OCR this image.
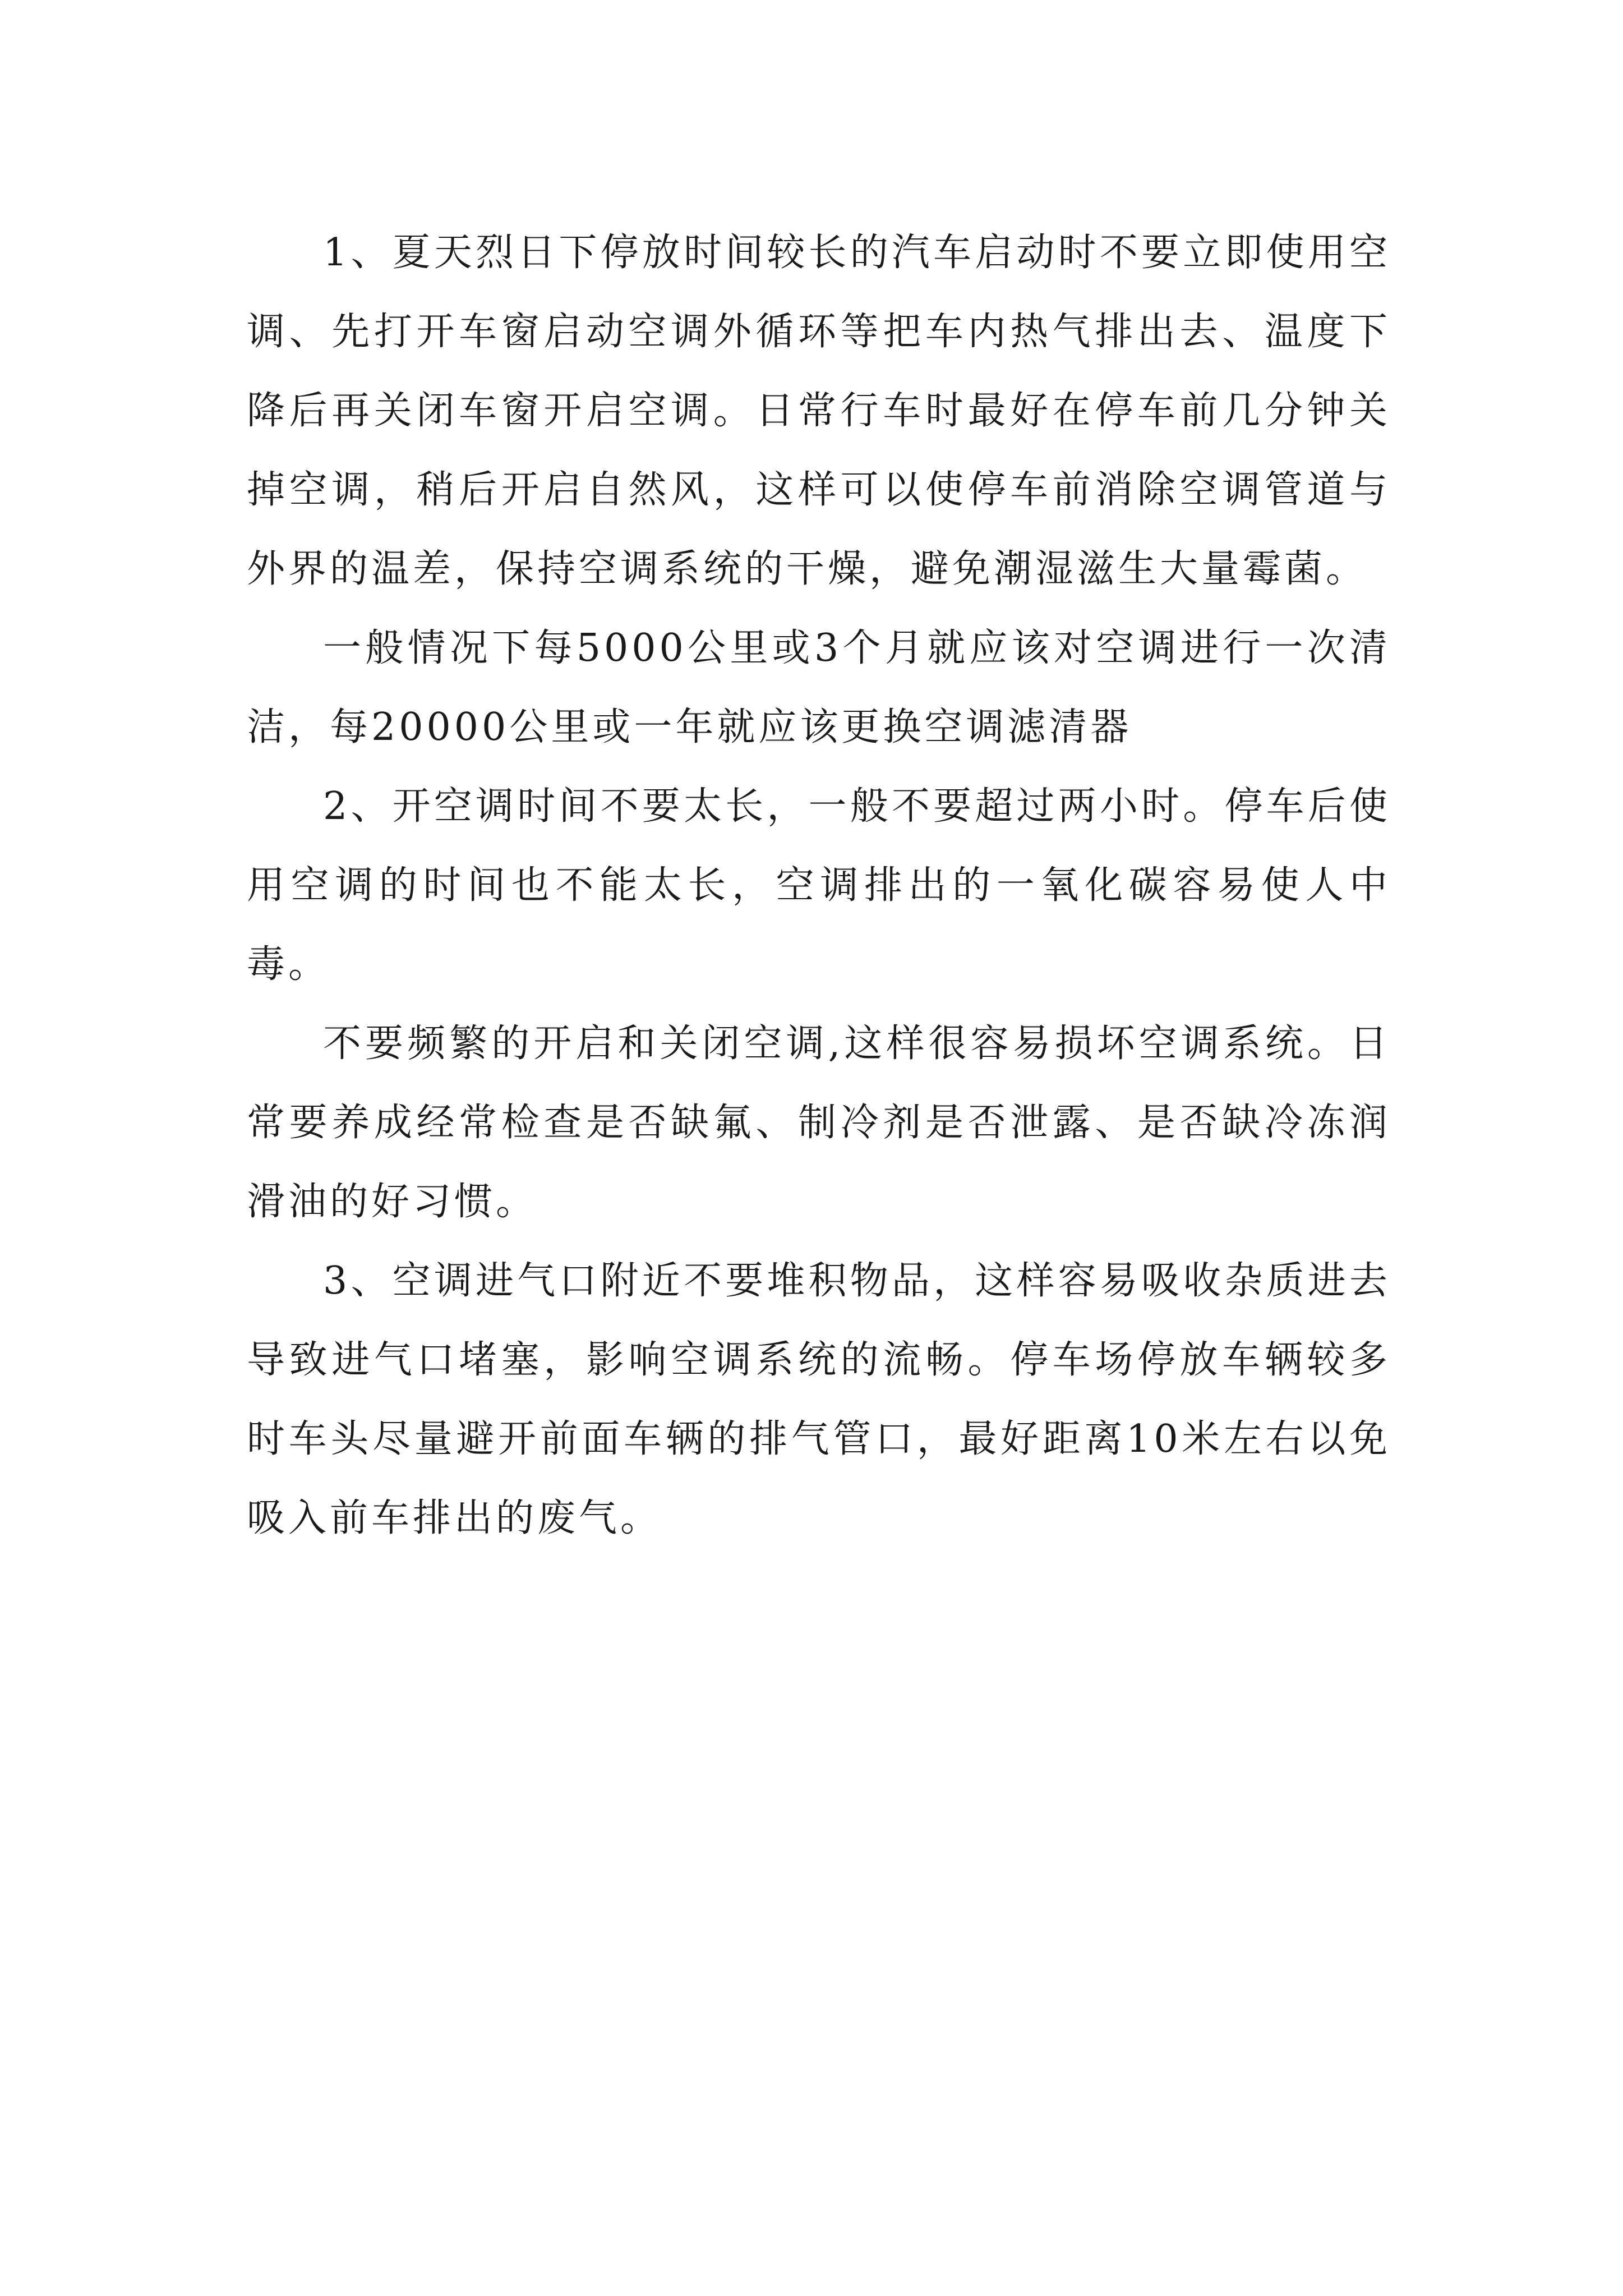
1、夏天烈日下停放时间较长的汽车启动时不要立即使用空调、先打开车窗启动空调外循环等把车内热气排出去、温度下降后再关闭车窗开启空调。日常行车时最好在停车前几分钟关掉空调，稍后开启自然风，这样可以使停车前消除空调管道与外界的温差，保持空调系统的干燥，避免潮湿滋生大量霉菌。

一般情况下每5000公里或3个月就应该对空调进行一次清洁，每20000公里或一年就应该更换空调滤清器

2、开空调时间不要太长，一般不要超过两小时。停车后使用空调的时间也不能太长，空调排出的一氧化碳容易使人中毒。

不要频繁的开启和关闭空调,这样很容易损坏空调系统。日常要养成经常检查是否缺氟、制冷剂是否泄露、是否缺冷冻润滑油的好习惯。

3、空调进气口附近不要堆积物品，这样容易吸收杂质进去导致进气口堵塞，影响空调系统的流畅。停车场停放车辆较多时车头尽量避开前面车辆的排气管口，最好距离10米左右以免吸入前车排出的废气。
